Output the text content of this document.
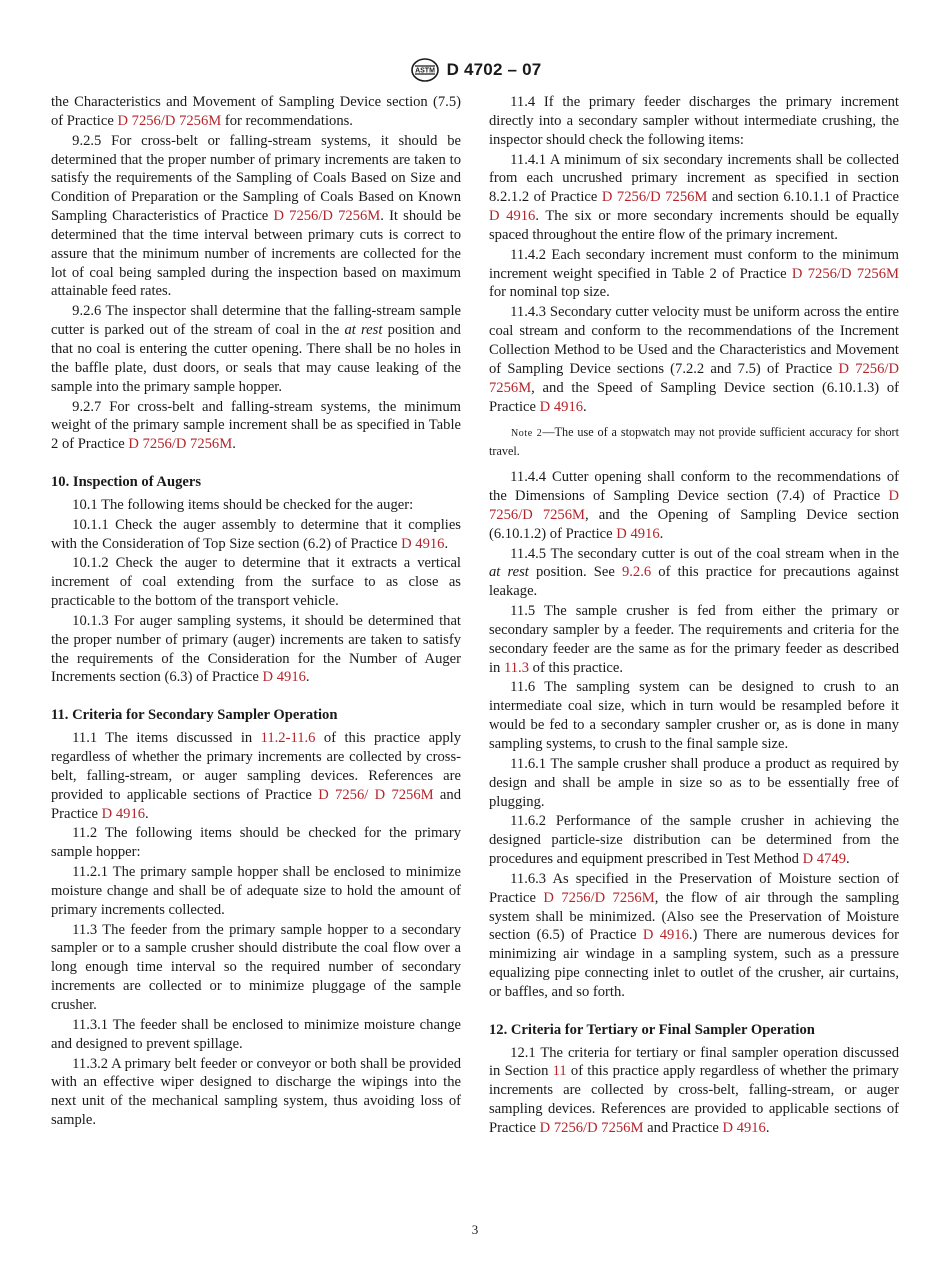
ASTM D 4702 – 07

the Characteristics and Movement of Sampling Device section (7.5) of Practice D 7256/D 7256M for recommendations.

9.2.5 For cross-belt or falling-stream systems, it should be determined that the proper number of primary increments are taken to satisfy the requirements of the Sampling of Coals Based on Size and Condition of Preparation or the Sampling of Coals Based on Known Sampling Characteristics of Practice D 7256/D 7256M. It should be determined that the time interval between primary cuts is correct to assure that the minimum number of increments are collected for the lot of coal being sampled during the inspection based on maximum attainable feed rates.

9.2.6 The inspector shall determine that the falling-stream sample cutter is parked out of the stream of coal in the at rest position and that no coal is entering the cutter opening. There shall be no holes in the baffle plate, dust doors, or seals that may cause leaking of the sample into the primary sample hopper.

9.2.7 For cross-belt and falling-stream systems, the minimum weight of the primary sample increment shall be as specified in Table 2 of Practice D 7256/D 7256M.

10. Inspection of Augers

10.1 The following items should be checked for the auger:

10.1.1 Check the auger assembly to determine that it complies with the Consideration of Top Size section (6.2) of Practice D 4916.

10.1.2 Check the auger to determine that it extracts a vertical increment of coal extending from the surface to as close as practicable to the bottom of the transport vehicle.

10.1.3 For auger sampling systems, it should be determined that the proper number of primary (auger) increments are taken to satisfy the requirements of the Consideration for the Number of Auger Increments section (6.3) of Practice D 4916.

11. Criteria for Secondary Sampler Operation

11.1 The items discussed in 11.2-11.6 of this practice apply regardless of whether the primary increments are collected by cross-belt, falling-stream, or auger sampling devices. References are provided to applicable sections of Practice D 7256/ D 7256M and Practice D 4916.

11.2 The following items should be checked for the primary sample hopper:

11.2.1 The primary sample hopper shall be enclosed to minimize moisture change and shall be of adequate size to hold the amount of primary increments collected.

11.3 The feeder from the primary sample hopper to a secondary sampler or to a sample crusher should distribute the coal flow over a long enough time interval so the required number of secondary increments are collected or to minimize pluggage of the sample crusher.

11.3.1 The feeder shall be enclosed to minimize moisture change and designed to prevent spillage.

11.3.2 A primary belt feeder or conveyor or both shall be provided with an effective wiper designed to discharge the wipings into the next unit of the mechanical sampling system, thus avoiding loss of sample.

11.4 If the primary feeder discharges the primary increment directly into a secondary sampler without intermediate crushing, the inspector should check the following items:

11.4.1 A minimum of six secondary increments shall be collected from each uncrushed primary increment as specified in section 8.2.1.2 of Practice D 7256/D 7256M and section 6.10.1.1 of Practice D 4916. The six or more secondary increments should be equally spaced throughout the entire flow of the primary increment.

11.4.2 Each secondary increment must conform to the minimum increment weight specified in Table 2 of Practice D 7256/D 7256M for nominal top size.

11.4.3 Secondary cutter velocity must be uniform across the entire coal stream and conform to the recommendations of the Increment Collection Method to be Used and the Characteristics and Movement of Sampling Device sections (7.2.2 and 7.5) of Practice D 7256/D 7256M, and the Speed of Sampling Device section (6.10.1.3) of Practice D 4916.

Note 2—The use of a stopwatch may not provide sufficient accuracy for short travel.

11.4.4 Cutter opening shall conform to the recommendations of the Dimensions of Sampling Device section (7.4) of Practice D 7256/D 7256M, and the Opening of Sampling Device section (6.10.1.2) of Practice D 4916.

11.4.5 The secondary cutter is out of the coal stream when in the at rest position. See 9.2.6 of this practice for precautions against leakage.

11.5 The sample crusher is fed from either the primary or secondary sampler by a feeder. The requirements and criteria for the secondary feeder are the same as for the primary feeder as described in 11.3 of this practice.

11.6 The sampling system can be designed to crush to an intermediate coal size, which in turn would be resampled before it would be fed to a secondary sampler crusher or, as is done in many sampling systems, to crush to the final sample size.

11.6.1 The sample crusher shall produce a product as required by design and shall be ample in size so as to be essentially free of plugging.

11.6.2 Performance of the sample crusher in achieving the designed particle-size distribution can be determined from the procedures and equipment prescribed in Test Method D 4749.

11.6.3 As specified in the Preservation of Moisture section of Practice D 7256/D 7256M, the flow of air through the sampling system shall be minimized. (Also see the Preservation of Moisture section (6.5) of Practice D 4916.) There are numerous devices for minimizing air windage in a sampling system, such as a pressure equalizing pipe connecting inlet to outlet of the crusher, air curtains, or baffles, and so forth.

12. Criteria for Tertiary or Final Sampler Operation

12.1 The criteria for tertiary or final sampler operation discussed in Section 11 of this practice apply regardless of whether the primary increments are collected by cross-belt, falling-stream, or auger sampling devices. References are provided to applicable sections of Practice D 7256/D 7256M and Practice D 4916.

3
